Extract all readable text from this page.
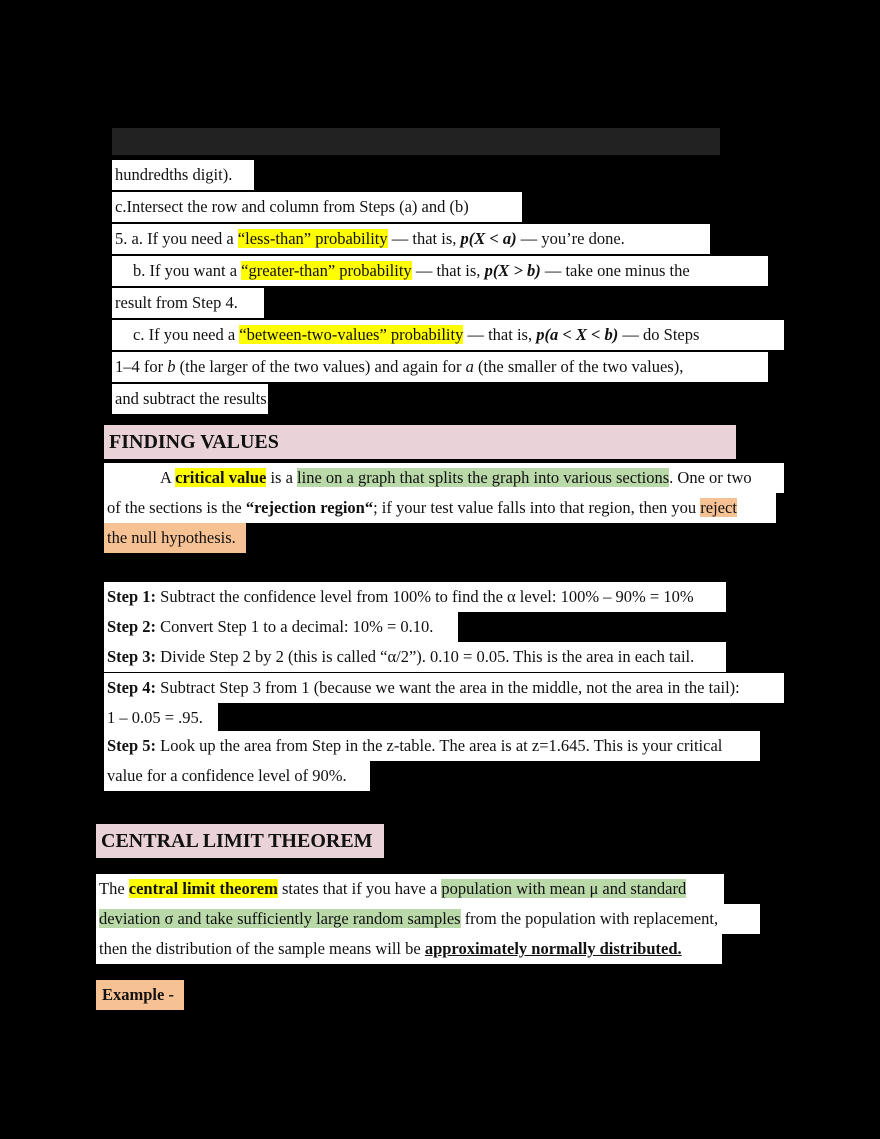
hundredths digit).
c.Intersect the row and column from Steps (a) and (b)
5. a. If you need a “less-than” probability — that is, p(X < a) — you’re done.
b. If you want a “greater-than” probability — that is, p(X > b) — take one minus the
result from Step 4.
c. If you need a “between-two-values” probability — that is, p(a < X < b) — do Steps
1–4 for b (the larger of the two values) and again for a (the smaller of the two values),
and subtract the results.
FINDING VALUES
A critical value is a line on a graph that splits the graph into various sections. One or two
of the sections is the “rejection region“; if your test value falls into that region, then you reject
the null hypothesis.
Step 1: Subtract the confidence level from 100% to find the α level: 100% – 90% = 10%
Step 2: Convert Step 1 to a decimal: 10% = 0.10.
Step 3: Divide Step 2 by 2 (this is called “α/2”). 0.10 = 0.05. This is the area in each tail.
Step 4: Subtract Step 3 from 1 (because we want the area in the middle, not the area in the tail):
1 – 0.05 = .95.
Step 5: Look up the area from Step in the z-table. The area is at z=1.645. This is your critical
value for a confidence level of 90%.
CENTRAL LIMIT THEOREM
The central limit theorem states that if you have a population with mean μ and standard
deviation σ and take sufficiently large random samples from the population with replacement,
then the distribution of the sample means will be approximately normally distributed.
Example -
